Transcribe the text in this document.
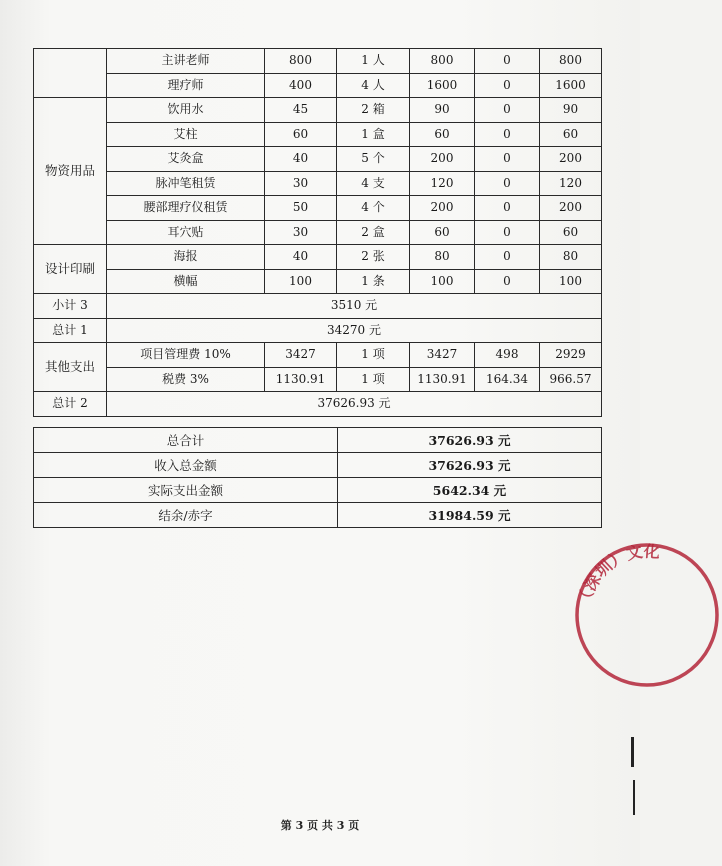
	主讲老师	800	1 人	800	0	800
	理疗师	400	4 人	1600	0	1600
物资用品	饮用水	45	2 箱	90	0	90
	艾柱	60	1 盒	60	0	60
	艾灸盒	40	5 个	200	0	200
	脉冲笔租赁	30	4 支	120	0	120
	腰部理疗仪租赁	50	4 个	200	0	200
	耳穴贴	30	2 盒	60	0	60
设计印刷	海报	40	2 张	80	0	80
	横幅	100	1 条	100	0	100
小计 3	3510 元					
总计 1	34270 元					
其他支出	项目管理费 10%	3427	1 项	3427	498	2929
	税费 3%	1130.91	1 项	1130.91	164.34	966.57
总计 2	37626.93 元					
总合计	37626.93 元
收入总金额	37626.93 元
实际支出金额	5642.34 元
结余/赤字	31984.59 元
（深圳）文化
第 3 页 共 3 页
